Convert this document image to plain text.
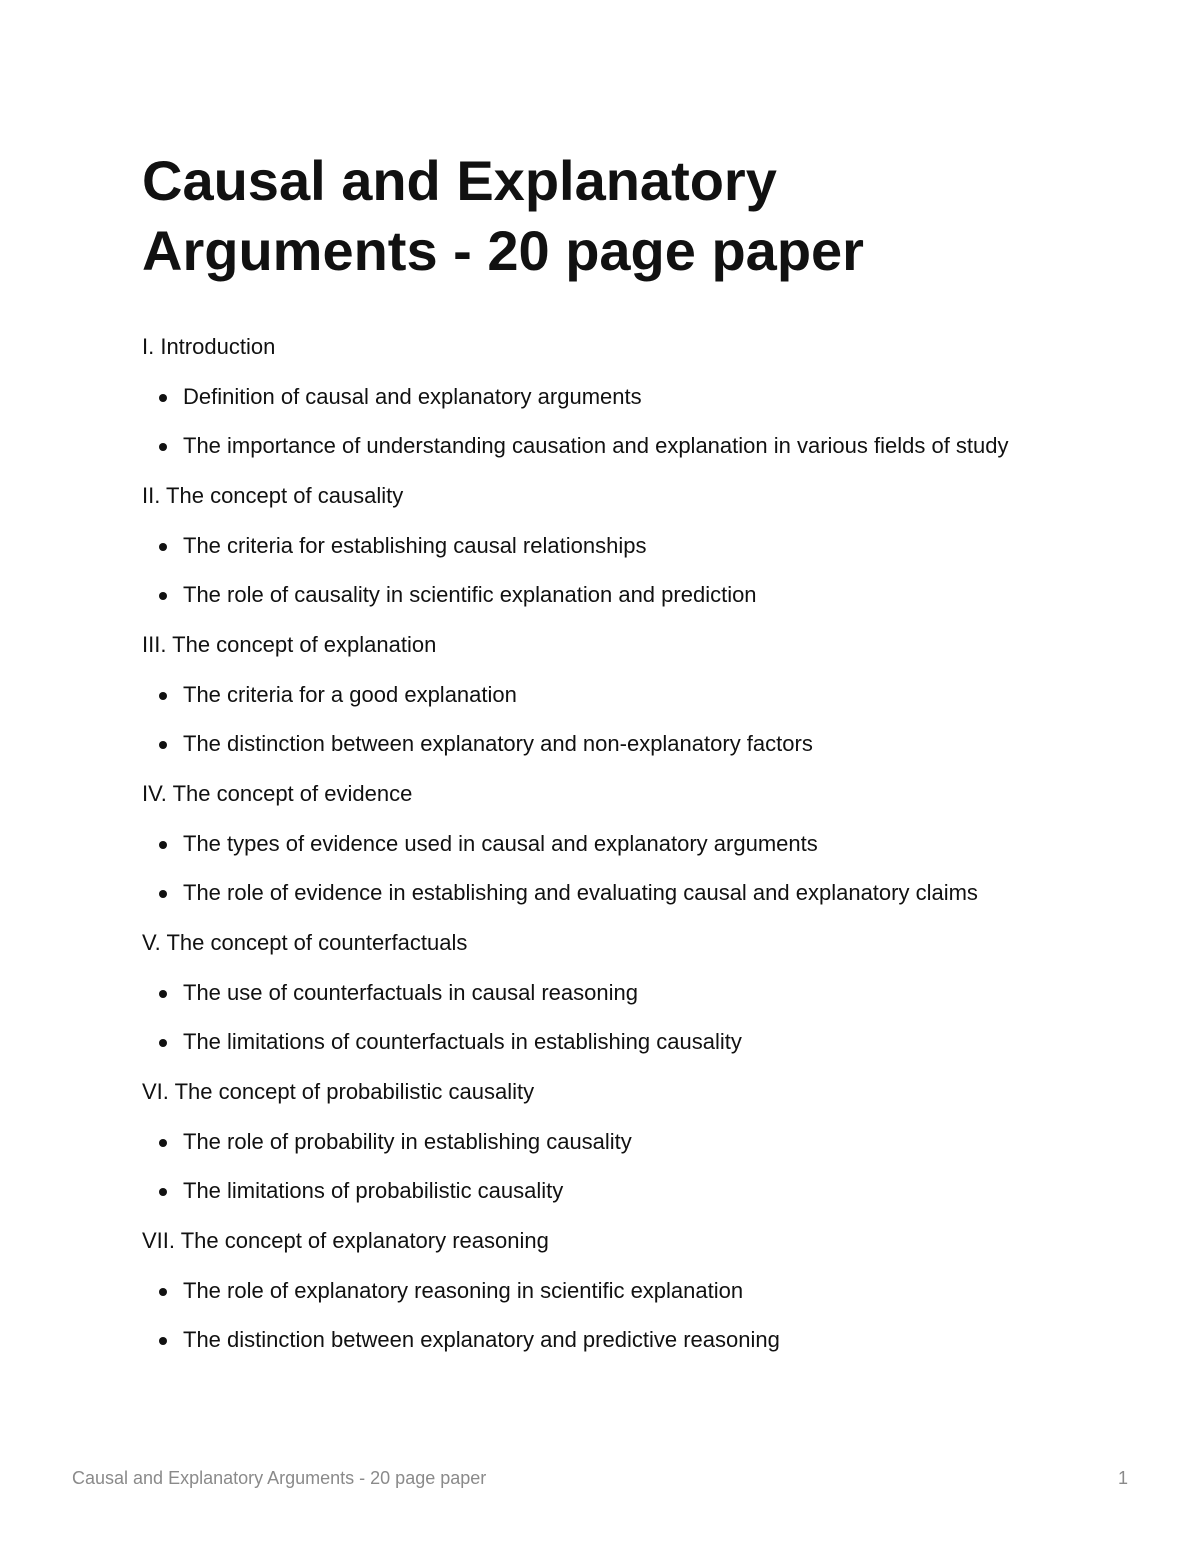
Causal and Explanatory Arguments - 20 page paper
I. Introduction
Definition of causal and explanatory arguments
The importance of understanding causation and explanation in various fields of study
II. The concept of causality
The criteria for establishing causal relationships
The role of causality in scientific explanation and prediction
III. The concept of explanation
The criteria for a good explanation
The distinction between explanatory and non-explanatory factors
IV. The concept of evidence
The types of evidence used in causal and explanatory arguments
The role of evidence in establishing and evaluating causal and explanatory claims
V. The concept of counterfactuals
The use of counterfactuals in causal reasoning
The limitations of counterfactuals in establishing causality
VI. The concept of probabilistic causality
The role of probability in establishing causality
The limitations of probabilistic causality
VII. The concept of explanatory reasoning
The role of explanatory reasoning in scientific explanation
The distinction between explanatory and predictive reasoning
Causal and Explanatory Arguments - 20 page paper	1
